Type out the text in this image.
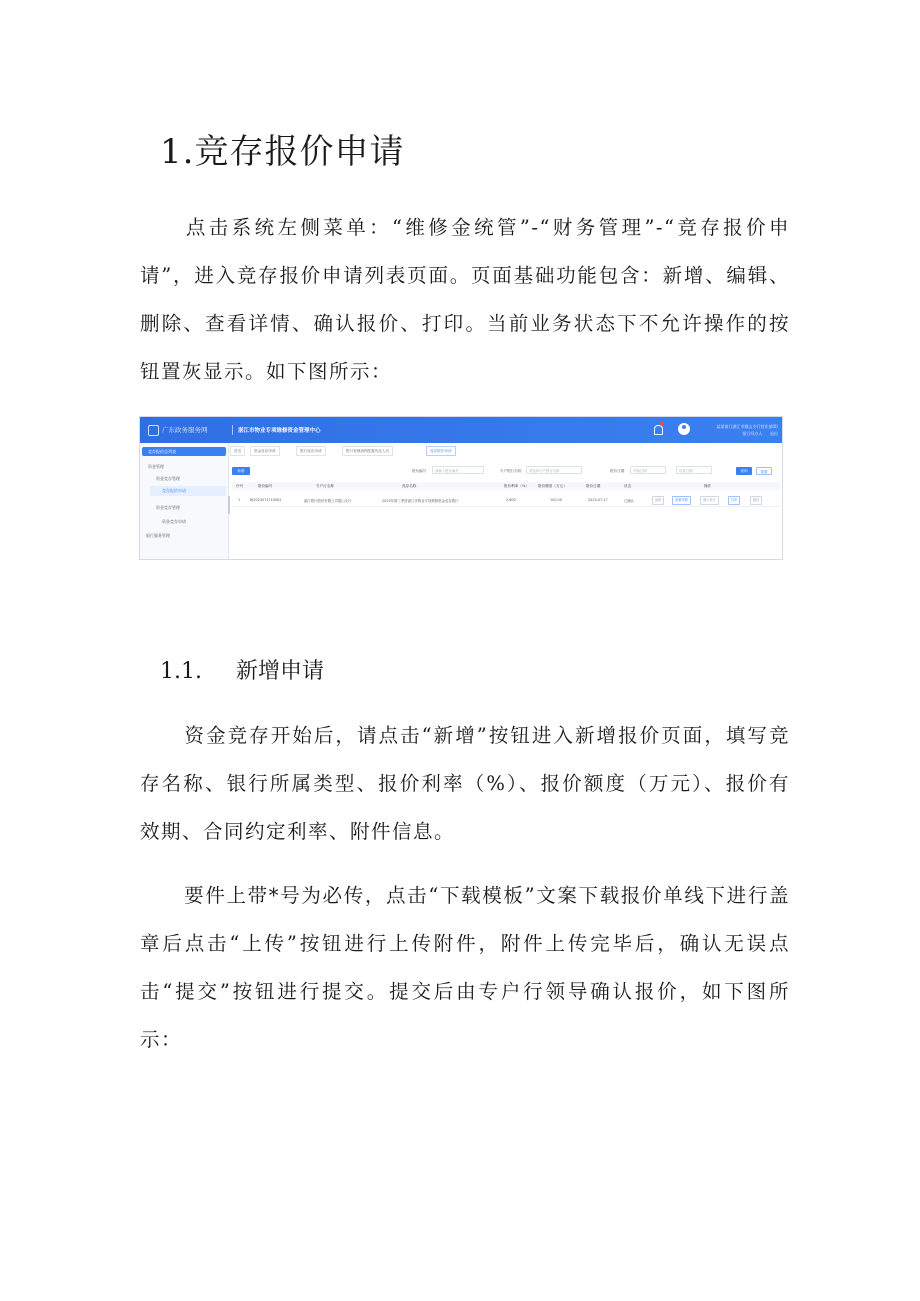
1.竞存报价申请

点击系统左侧菜单：“维修金统管”-“财务管理”-“竞存报价申请”，进入竞存报价申请列表页面。页面基础功能包含：新增、编辑、删除、查看详情、确认报价、打印。当前业务状态下不允许操作的按钮置灰显示。如下图所示：

广东政务服务网	湛江市物业专项维修资金管理中心
某某银行湛江市霞山支行营业部(0)
银行经办人 退出
竞存报价总列表
资金管理
资金竞存管理
竞存报价申请
资金竞存管理
资金竞存申请
银行服务管理
首页	资金竞存申请	银行竞存申请	银行管理流程配置优化人员	竞存报价申请
新增	报价编号	请输入报价编号	专户银行名称	请选择专户银行名称	报价日期	开始日期	结束日期	查询	重置
序号	报价编号	专户行名称	竞存名称	报价利率（%）	报价额度（万元）	报价日期	状态	操作
1	BJ2023071710002	湛江银行股份有限公司霞山支行	2023年第三季度湛江市物业专项维修资金竞存银行	2.600	100.00	2023-07-17	已确认	编辑	查看详情	确认报价	打印	删除
1.1. 新增申请

资金竞存开始后，请点击“新增”按钮进入新增报价页面，填写竞存名称、银行所属类型、报价利率（%）、报价额度（万元）、报价有效期、合同约定利率、附件信息。

要件上带*号为必传，点击“下载模板”文案下载报价单线下进行盖章后点击“上传”按钮进行上传附件，附件上传完毕后，确认无误点击“提交”按钮进行提交。提交后由专户行领导确认报价，如下图所示：
